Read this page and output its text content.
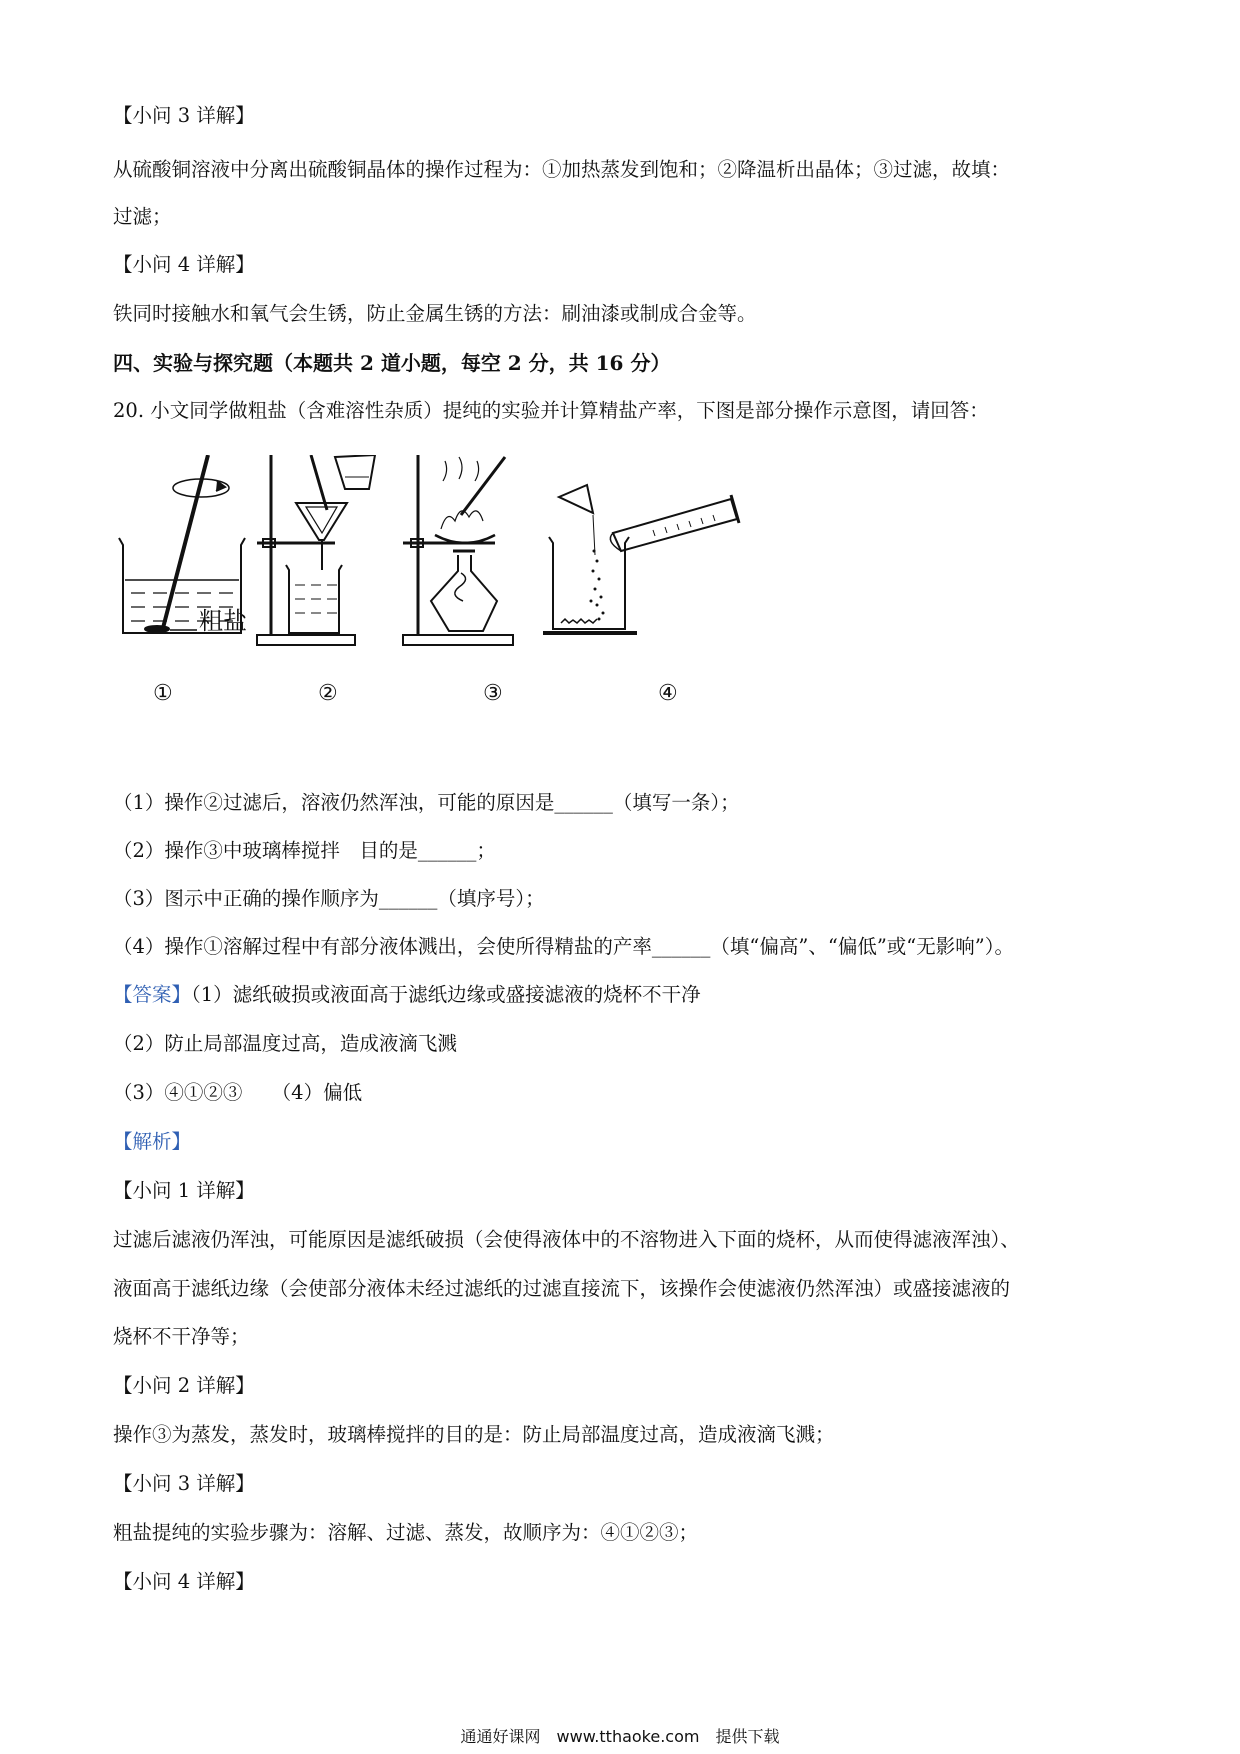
【小问 3 详解】
从硫酸铜溶液中分离出硫酸铜晶体的操作过程为：①加热蒸发到饱和；②降温析出晶体；③过滤，故填：
过滤；
【小问 4 详解】
铁同时接触水和氧气会生锈，防止金属生锈的方法：刷油漆或制成合金等。
四、实验与探究题（本题共 2 道小题，每空 2 分，共 16 分）
20. 小文同学做粗盐（含难溶性杂质）提纯的实验并计算精盐产率，下图是部分操作示意图，请回答：
粗盐
①	②	③	④
（1）操作②过滤后，溶液仍然浑浊，可能的原因是______（填写一条）；
（2）操作③中玻璃棒搅拌　目的是______；
（3）图示中正确的操作顺序为______（填序号）；
（4）操作①溶解过程中有部分液体溅出，会使所得精盐的产率______（填“偏高”、“偏低”或“无影响”）。
【答案】（1）滤纸破损或液面高于滤纸边缘或盛接滤液的烧杯不干净
（2）防止局部温度过高，造成液滴飞溅
（3）④①②③　　（4）偏低
【解析】
【小问 1 详解】
过滤后滤液仍浑浊，可能原因是滤纸破损（会使得液体中的不溶物进入下面的烧杯，从而使得滤液浑浊）、
液面高于滤纸边缘（会使部分液体未经过滤纸的过滤直接流下，该操作会使滤液仍然浑浊）或盛接滤液的
烧杯不干净等；
【小问 2 详解】
操作③为蒸发，蒸发时，玻璃棒搅拌的目的是：防止局部温度过高，造成液滴飞溅；
【小问 3 详解】
粗盐提纯的实验步骤为：溶解、过滤、蒸发，故顺序为：④①②③；
【小问 4 详解】
通通好课网　www.tthaoke.com　提供下载
